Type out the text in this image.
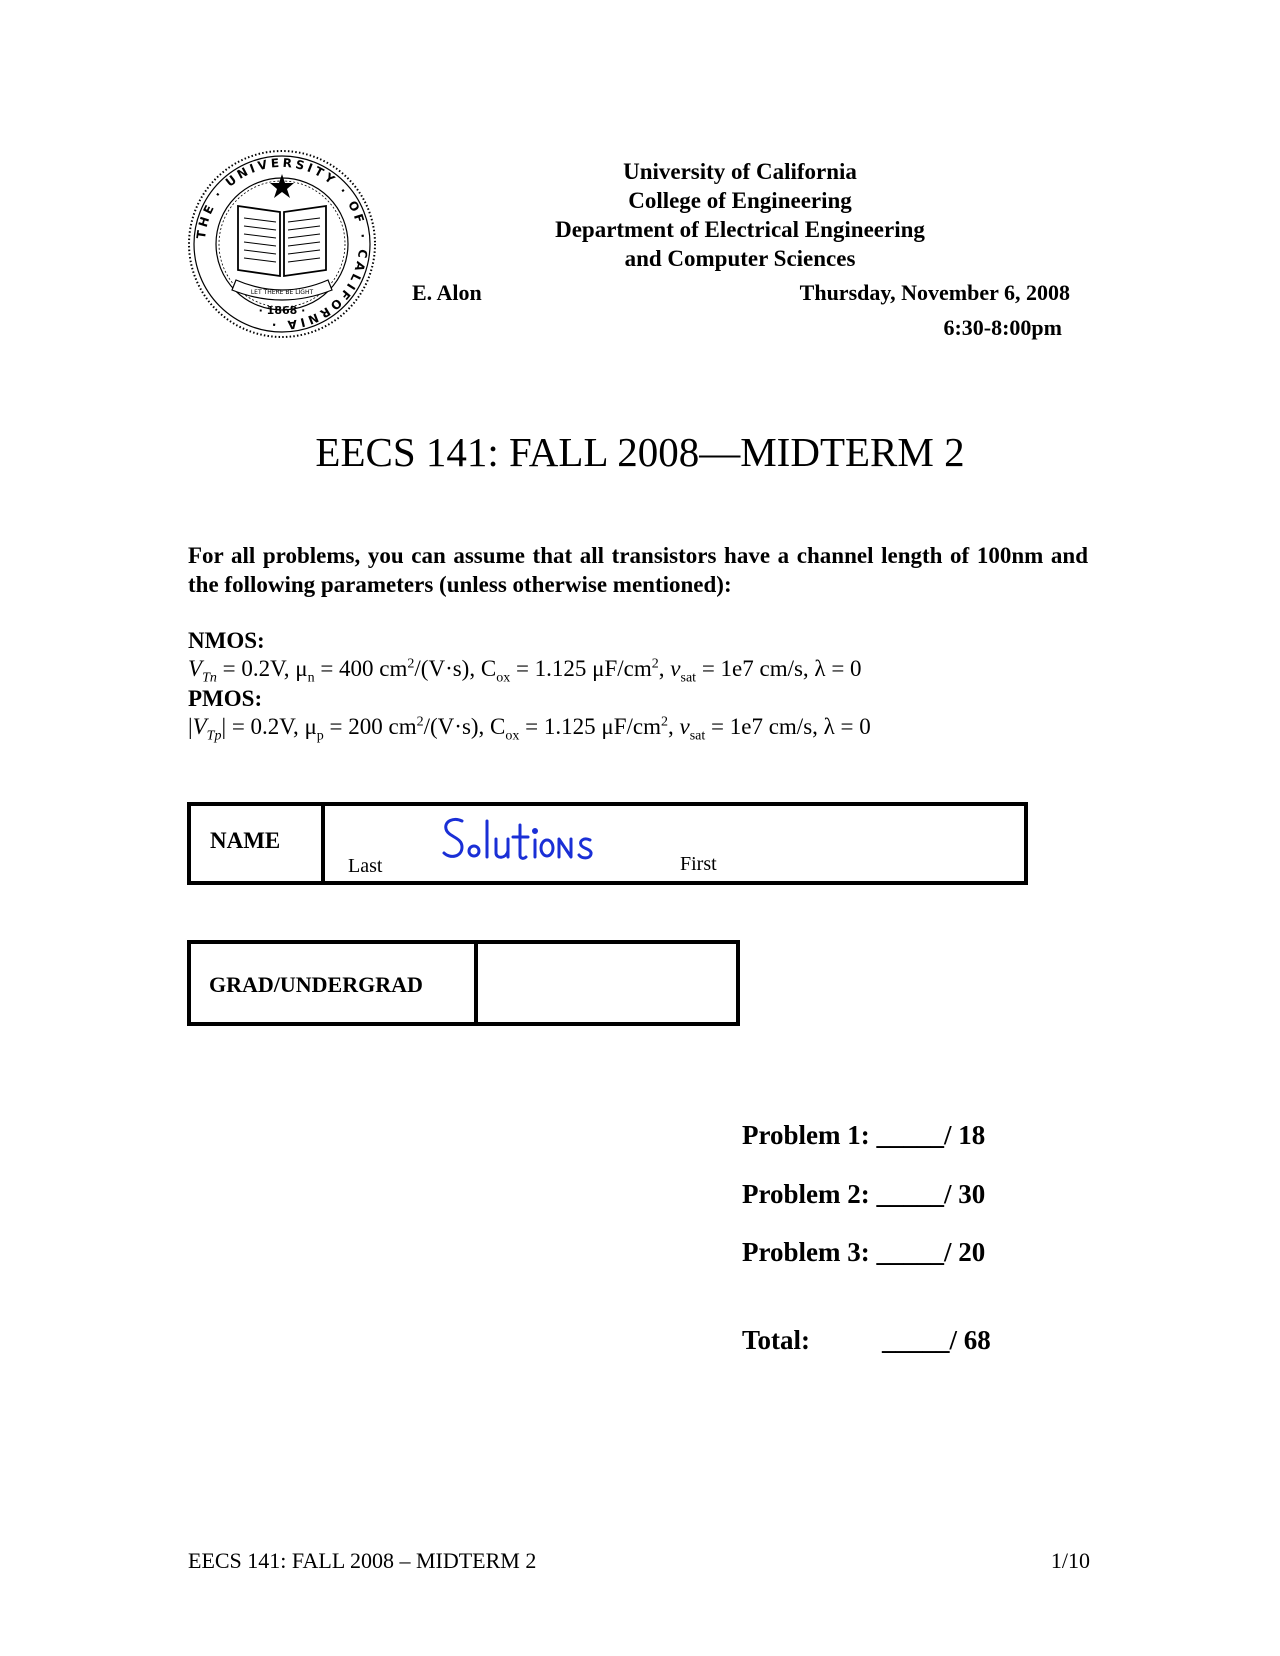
THE · UNIVERSITY · OF · CALIFORNIA ·
LET THERE BE LIGHT
· 1868 ·
University of California
College of Engineering
Department of Electrical Engineering
and Computer Sciences
E. Alon	Thursday, November 6, 2008
6:30-8:00pm
EECS 141: FALL 2008—MIDTERM 2
For all problems, you can assume that all transistors have a channel length of 100nm and the following parameters (unless otherwise mentioned):
NMOS:
$V_{Tn} = 0.2V$, $\mu_n = 400$ $cm^2/(V\cdot s)$, $C_{ox} = 1.125$ $\mu F/cm^2$, $v_{sat} = 1e7$ cm/s, λ = 0
PMOS:
$|V_{Tp}| = 0.2V$, $\mu_p = 200$ $cm^2/(V\cdot s)$, $C_{ox} = 1.125$ $\mu F/cm^2$, $v_{sat} = 1e7$ cm/s, λ = 0
NAME
Last	First
GRAD/UNDERGRAD
Problem 1: _____/ 18
Problem 2: _____/ 30
Problem 3: _____/ 20
Total:	_____/ 68
EECS 141: FALL 2008 – MIDTERM 2	1/10
